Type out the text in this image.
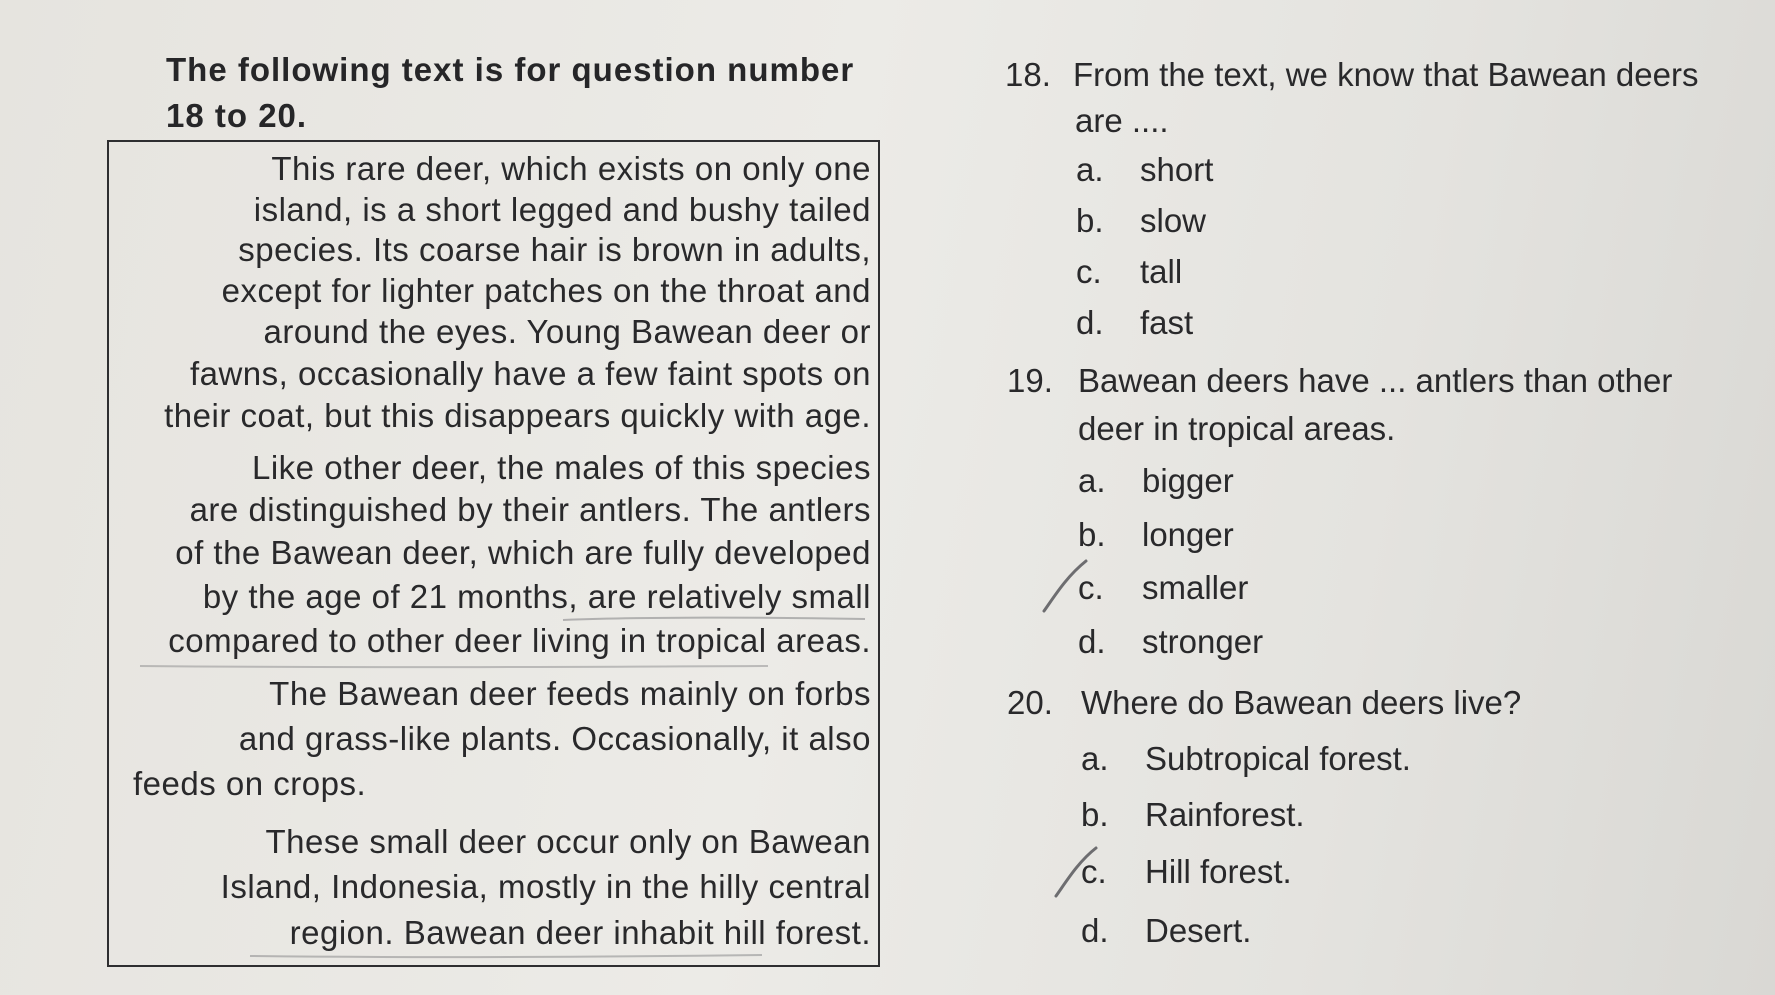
The following text is for question number
18 to 20.
This rare deer, which exists on only one
island, is a short legged and bushy tailed
species. Its coarse hair is brown in adults,
except for lighter patches on the throat and
around the eyes. Young Bawean deer or
fawns, occasionally have a few faint spots on
their coat, but this disappears quickly with age.
Like other deer, the males of this species
are distinguished by their antlers. The antlers
of the Bawean deer, which are fully developed
by the age of 21 months, are relatively small
compared to other deer living in tropical areas.
The Bawean deer feeds mainly on forbs
and grass-like plants. Occasionally, it also
feeds on crops.
These small deer occur only on Bawean
Island, Indonesia, mostly in the hilly central
region. Bawean deer inhabit hill forest.
18. From the text, we know that Bawean deers
are ....
a. short
b. slow
c. tall
d. fast
19. Bawean deers have ... antlers than other
deer in tropical areas.
a. bigger
b. longer
c. smaller
d. stronger
20. Where do Bawean deers live?
a. Subtropical forest.
b. Rainforest.
c. Hill forest.
d. Desert.
